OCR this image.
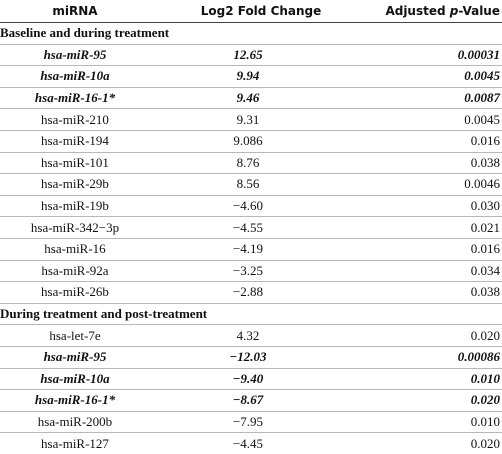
miRNA	Log2 Fold Change	Adjusted p-Value
Baseline and during treatment		
hsa-miR-95	12.65	0.00031
hsa-miR-10a	9.94	0.0045
hsa-miR-16-1*	9.46	0.0087
hsa-miR-210	9.31	0.0045
hsa-miR-194	9.086	0.016
hsa-miR-101	8.76	0.038
hsa-miR-29b	8.56	0.0046
hsa-miR-19b	−4.60	0.030
hsa-miR-342−3p	−4.55	0.021
hsa-miR-16	−4.19	0.016
hsa-miR-92a	−3.25	0.034
hsa-miR-26b	−2.88	0.038
During treatment and post-treatment		
hsa-let-7e	4.32	0.020
hsa-miR-95	−12.03	0.00086
hsa-miR-10a	−9.40	0.010
hsa-miR-16-1*	−8.67	0.020
hsa-miR-200b	−7.95	0.010
hsa-miR-127	−4.45	0.020
